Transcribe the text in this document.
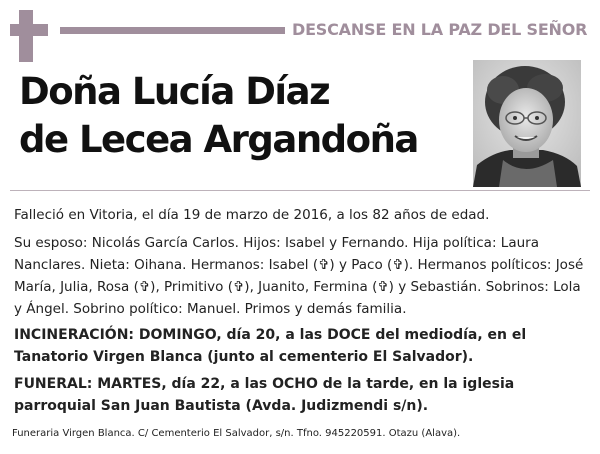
DESCANSE EN LA PAZ DEL SEÑOR
Doña Lucía Díaz
de Lecea Argandoña
Falleció en Vitoria, el día 19 de marzo de 2016, a los 82 años de edad.
Su esposo: Nicolás García Carlos. Hijos: Isabel y Fernando. Hija política: Laura Nanclares. Nieta: Oihana. Hermanos: Isabel (✞) y Paco (✞). Hermanos políticos: José María, Julia, Rosa (✞), Primitivo (✞), Juanito, Fermina (✞) y Sebastián. Sobrinos: Lola y Ángel. Sobrino político: Manuel. Primos y demás familia.
INCINERACIÓN: DOMINGO, día 20, a las DOCE del mediodía, en el Tanatorio Virgen Blanca (junto al cementerio El Salvador).
FUNERAL: MARTES, día 22, a las OCHO de la tarde, en la iglesia parroquial San Juan Bautista (Avda. Judizmendi s/n).
Funeraria Virgen Blanca. C/ Cementerio El Salvador, s/n. Tfno. 945220591. Otazu (Alava).
